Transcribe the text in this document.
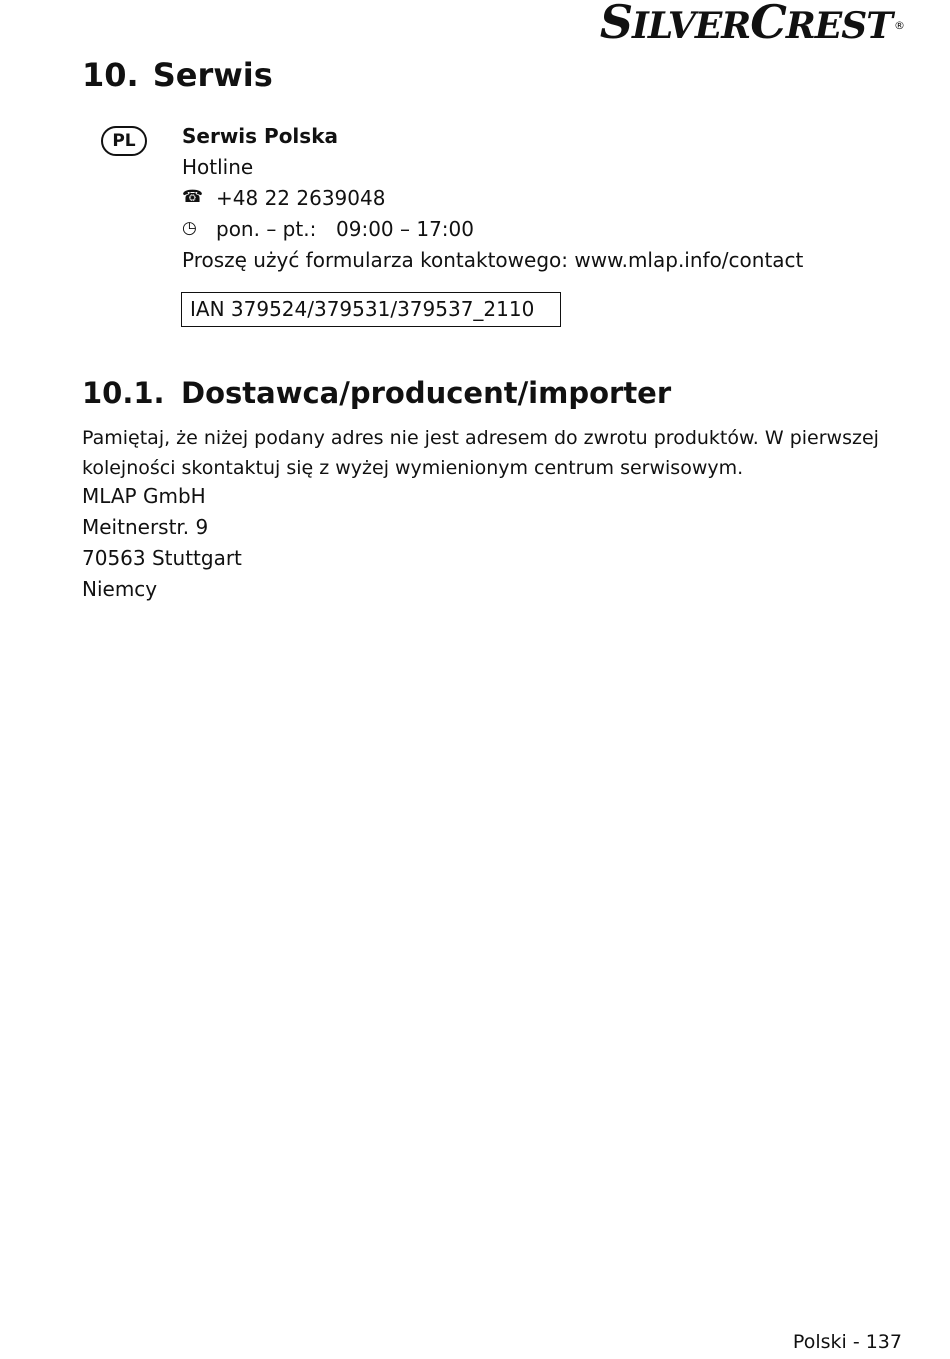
SILVERCREST ®
10. Serwis
PL	Serwis Polska
Hotline
☎ +48 22 2639048
◷ pon. – pt.: 09:00 – 17:00
Proszę użyć formularza kontaktowego: www.mlap.info/contact
IAN 379524/379531/379537_2110
10.1. Dostawca/producent/importer
Pamiętaj, że niżej podany adres nie jest adresem do zwrotu produktów. W pierwszej kolejności skontaktuj się z wyżej wymienionym centrum serwisowym.
MLAP GmbH
Meitnerstr. 9
70563 Stuttgart
Niemcy
Polski - 137
